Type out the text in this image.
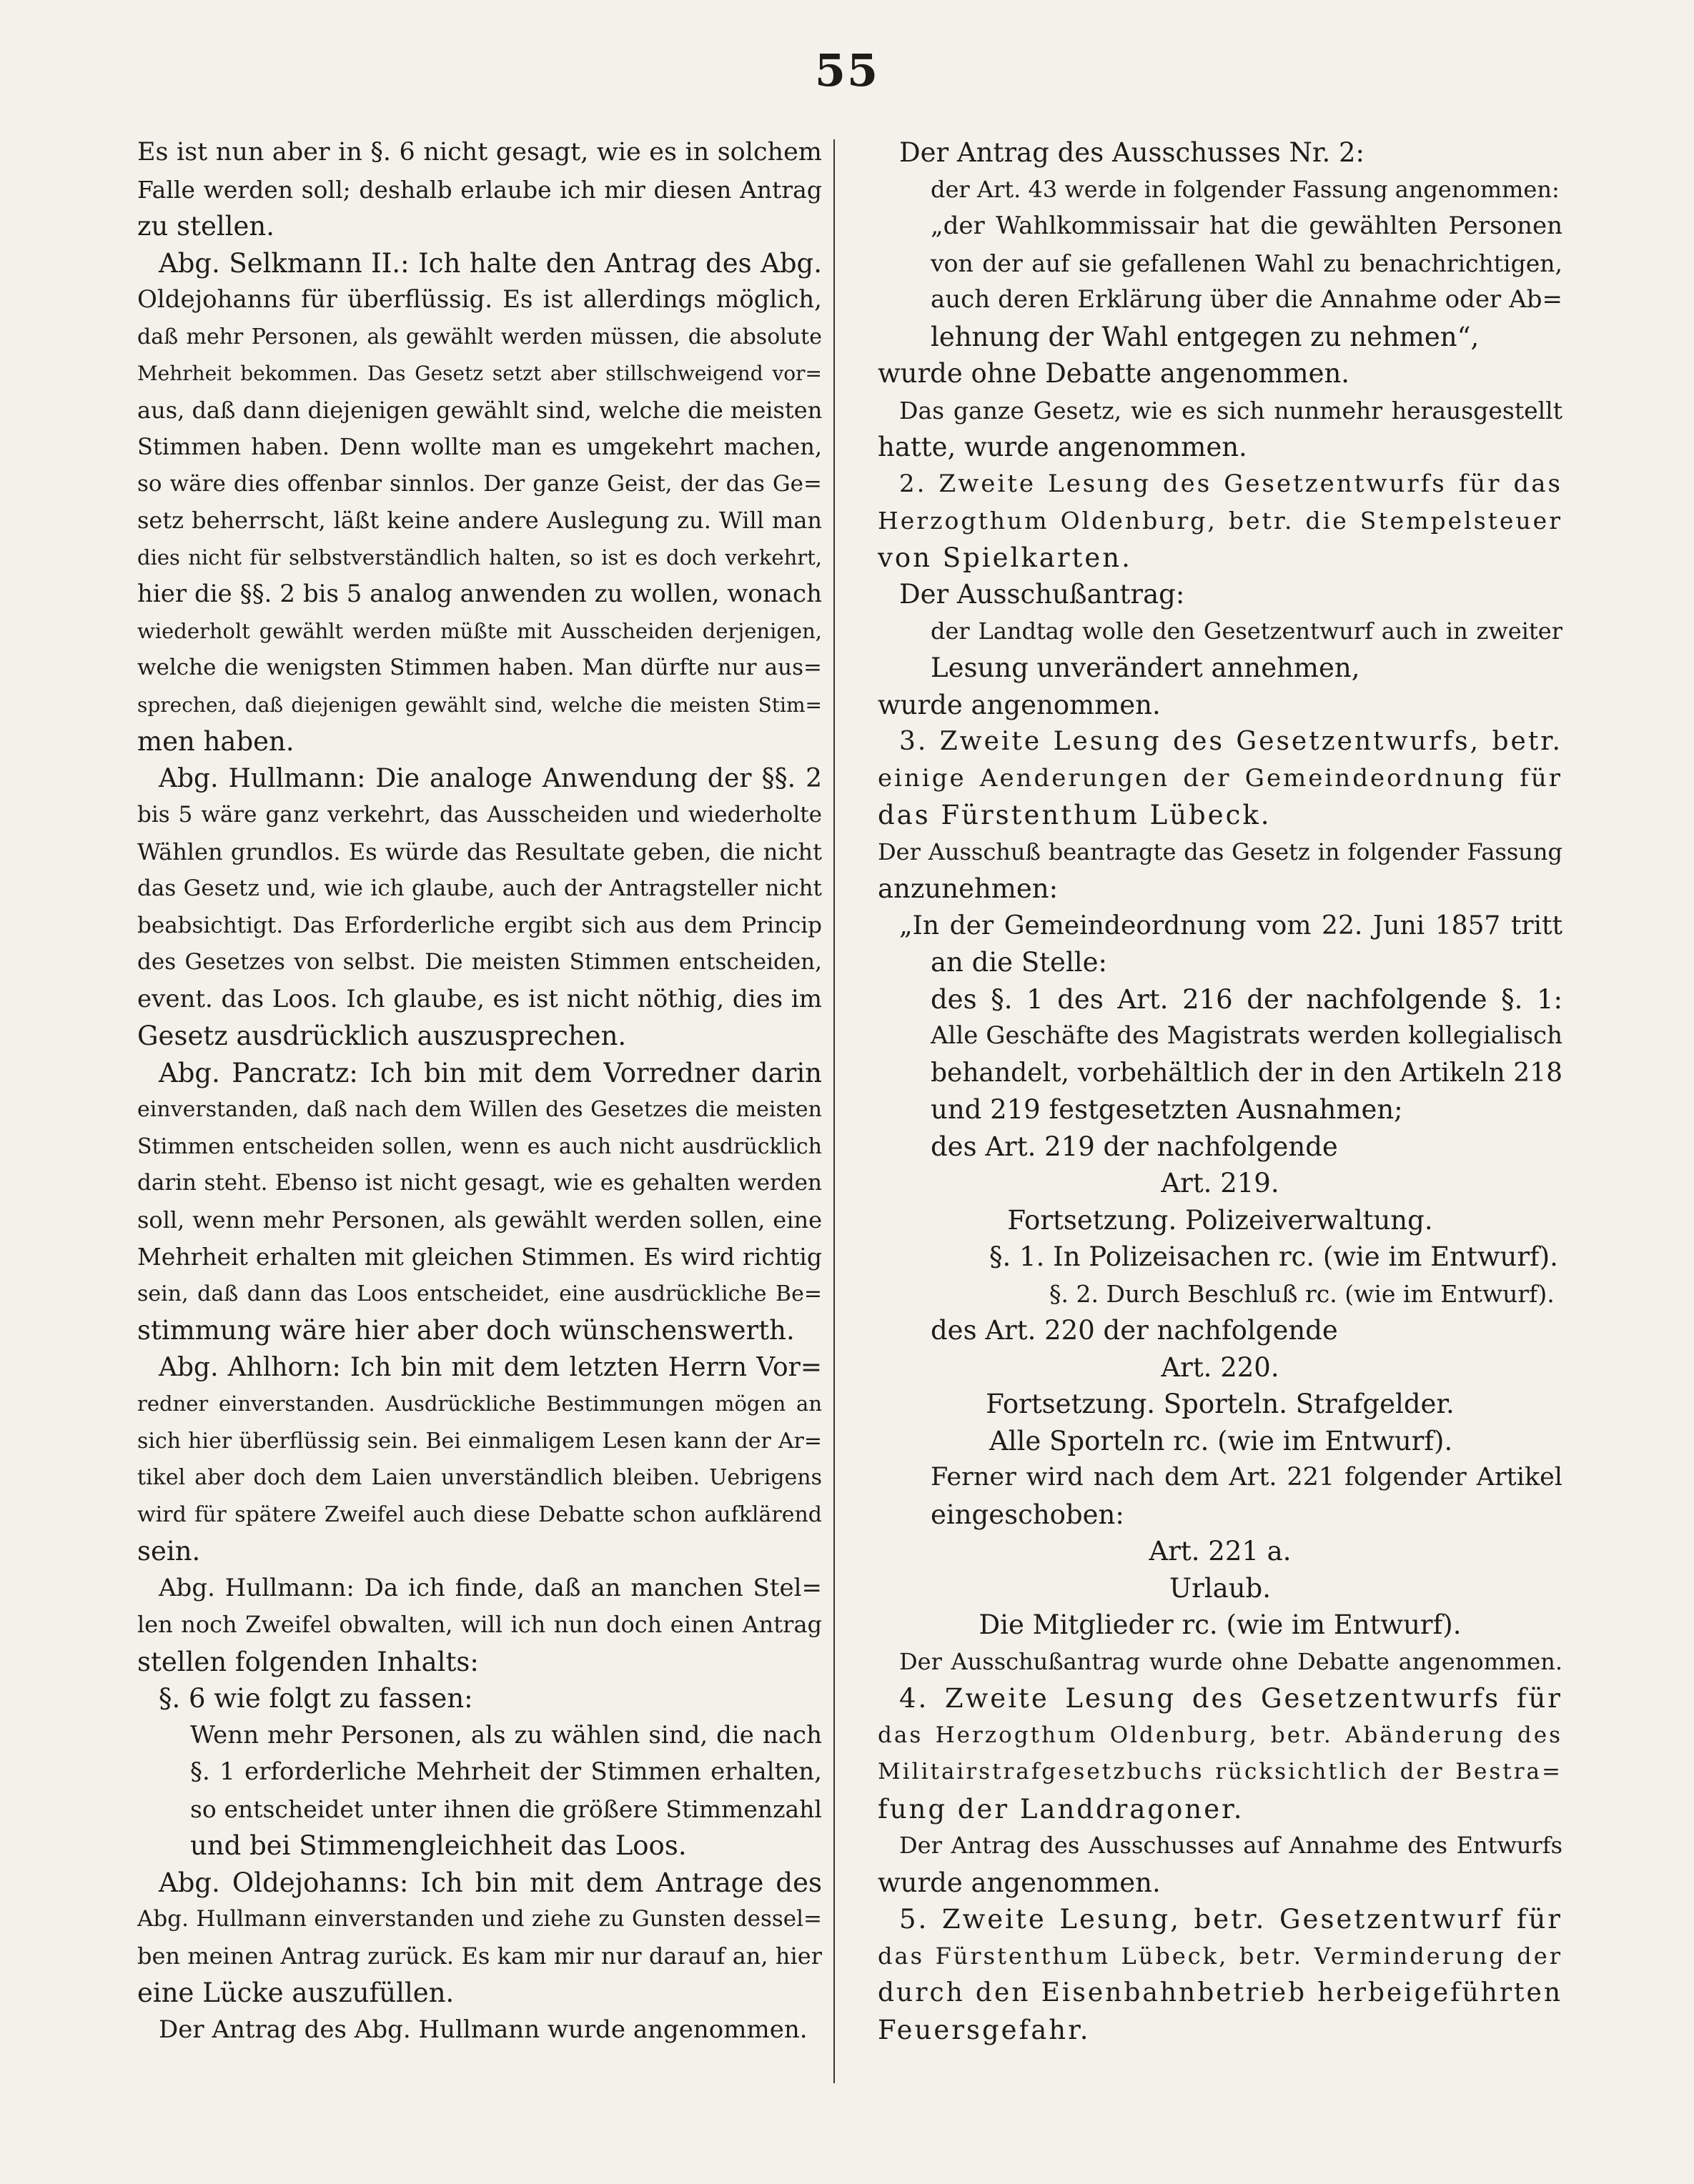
55
Es ist nun aber in §. 6 nicht gesagt, wie es in solchem
Falle werden soll; deshalb erlaube ich mir diesen Antrag
zu stellen.
Abg. Selkmann II.: Ich halte den Antrag des Abg.
Oldejohanns für überflüssig. Es ist allerdings möglich,
daß mehr Personen, als gewählt werden müssen, die absolute
Mehrheit bekommen. Das Gesetz setzt aber stillschweigend vor=
aus, daß dann diejenigen gewählt sind, welche die meisten
Stimmen haben. Denn wollte man es umgekehrt machen,
so wäre dies offenbar sinnlos. Der ganze Geist, der das Ge=
setz beherrscht, läßt keine andere Auslegung zu. Will man
dies nicht für selbstverständlich halten, so ist es doch verkehrt,
hier die §§. 2 bis 5 analog anwenden zu wollen, wonach
wiederholt gewählt werden müßte mit Ausscheiden derjenigen,
welche die wenigsten Stimmen haben. Man dürfte nur aus=
sprechen, daß diejenigen gewählt sind, welche die meisten Stim=
men haben.
Abg. Hullmann: Die analoge Anwendung der §§. 2
bis 5 wäre ganz verkehrt, das Ausscheiden und wiederholte
Wählen grundlos. Es würde das Resultate geben, die nicht
das Gesetz und, wie ich glaube, auch der Antragsteller nicht
beabsichtigt. Das Erforderliche ergibt sich aus dem Princip
des Gesetzes von selbst. Die meisten Stimmen entscheiden,
event. das Loos. Ich glaube, es ist nicht nöthig, dies im
Gesetz ausdrücklich auszusprechen.
Abg. Pancratz: Ich bin mit dem Vorredner darin
einverstanden, daß nach dem Willen des Gesetzes die meisten
Stimmen entscheiden sollen, wenn es auch nicht ausdrücklich
darin steht. Ebenso ist nicht gesagt, wie es gehalten werden
soll, wenn mehr Personen, als gewählt werden sollen, eine
Mehrheit erhalten mit gleichen Stimmen. Es wird richtig
sein, daß dann das Loos entscheidet, eine ausdrückliche Be=
stimmung wäre hier aber doch wünschenswerth.
Abg. Ahlhorn: Ich bin mit dem letzten Herrn Vor=
redner einverstanden. Ausdrückliche Bestimmungen mögen an
sich hier überflüssig sein. Bei einmaligem Lesen kann der Ar=
tikel aber doch dem Laien unverständlich bleiben. Uebrigens
wird für spätere Zweifel auch diese Debatte schon aufklärend
sein.
Abg. Hullmann: Da ich finde, daß an manchen Stel=
len noch Zweifel obwalten, will ich nun doch einen Antrag
stellen folgenden Inhalts:
§. 6 wie folgt zu fassen:
Wenn mehr Personen, als zu wählen sind, die nach
§. 1 erforderliche Mehrheit der Stimmen erhalten,
so entscheidet unter ihnen die größere Stimmenzahl
und bei Stimmengleichheit das Loos.
Abg. Oldejohanns: Ich bin mit dem Antrage des
Abg. Hullmann einverstanden und ziehe zu Gunsten dessel=
ben meinen Antrag zurück. Es kam mir nur darauf an, hier
eine Lücke auszufüllen.
Der Antrag des Abg. Hullmann wurde angenommen.
Der Antrag des Ausschusses Nr. 2:
der Art. 43 werde in folgender Fassung angenommen:
„der Wahlkommissair hat die gewählten Personen
von der auf sie gefallenen Wahl zu benachrichtigen,
auch deren Erklärung über die Annahme oder Ab=
lehnung der Wahl entgegen zu nehmen“,
wurde ohne Debatte angenommen.
Das ganze Gesetz, wie es sich nunmehr herausgestellt
hatte, wurde angenommen.
2. Zweite Lesung des Gesetzentwurfs für das
Herzogthum Oldenburg, betr. die Stempelsteuer
von Spielkarten.
Der Ausschußantrag:
der Landtag wolle den Gesetzentwurf auch in zweiter
Lesung unverändert annehmen,
wurde angenommen.
3. Zweite Lesung des Gesetzentwurfs, betr.
einige Aenderungen der Gemeindeordnung für
das Fürstenthum Lübeck.
Der Ausschuß beantragte das Gesetz in folgender Fassung
anzunehmen:
„In der Gemeindeordnung vom 22. Juni 1857 tritt
an die Stelle:
des §. 1 des Art. 216 der nachfolgende §. 1:
Alle Geschäfte des Magistrats werden kollegialisch
behandelt, vorbehältlich der in den Artikeln 218
und 219 festgesetzten Ausnahmen;
des Art. 219 der nachfolgende
Art. 219.
Fortsetzung. Polizeiverwaltung.
§. 1. In Polizeisachen rc. (wie im Entwurf).
§. 2. Durch Beschluß rc. (wie im Entwurf).
des Art. 220 der nachfolgende
Art. 220.
Fortsetzung. Sporteln. Strafgelder.
Alle Sporteln rc. (wie im Entwurf).
Ferner wird nach dem Art. 221 folgender Artikel
eingeschoben:
Art. 221 a.
Urlaub.
Die Mitglieder rc. (wie im Entwurf).
Der Ausschußantrag wurde ohne Debatte angenommen.
4. Zweite Lesung des Gesetzentwurfs für
das Herzogthum Oldenburg, betr. Abänderung des
Militairstrafgesetzbuchs rücksichtlich der Bestra=
fung der Landdragoner.
Der Antrag des Ausschusses auf Annahme des Entwurfs
wurde angenommen.
5. Zweite Lesung, betr. Gesetzentwurf für
das Fürstenthum Lübeck, betr. Verminderung der
durch den Eisenbahnbetrieb herbeigeführten
Feuersgefahr.
